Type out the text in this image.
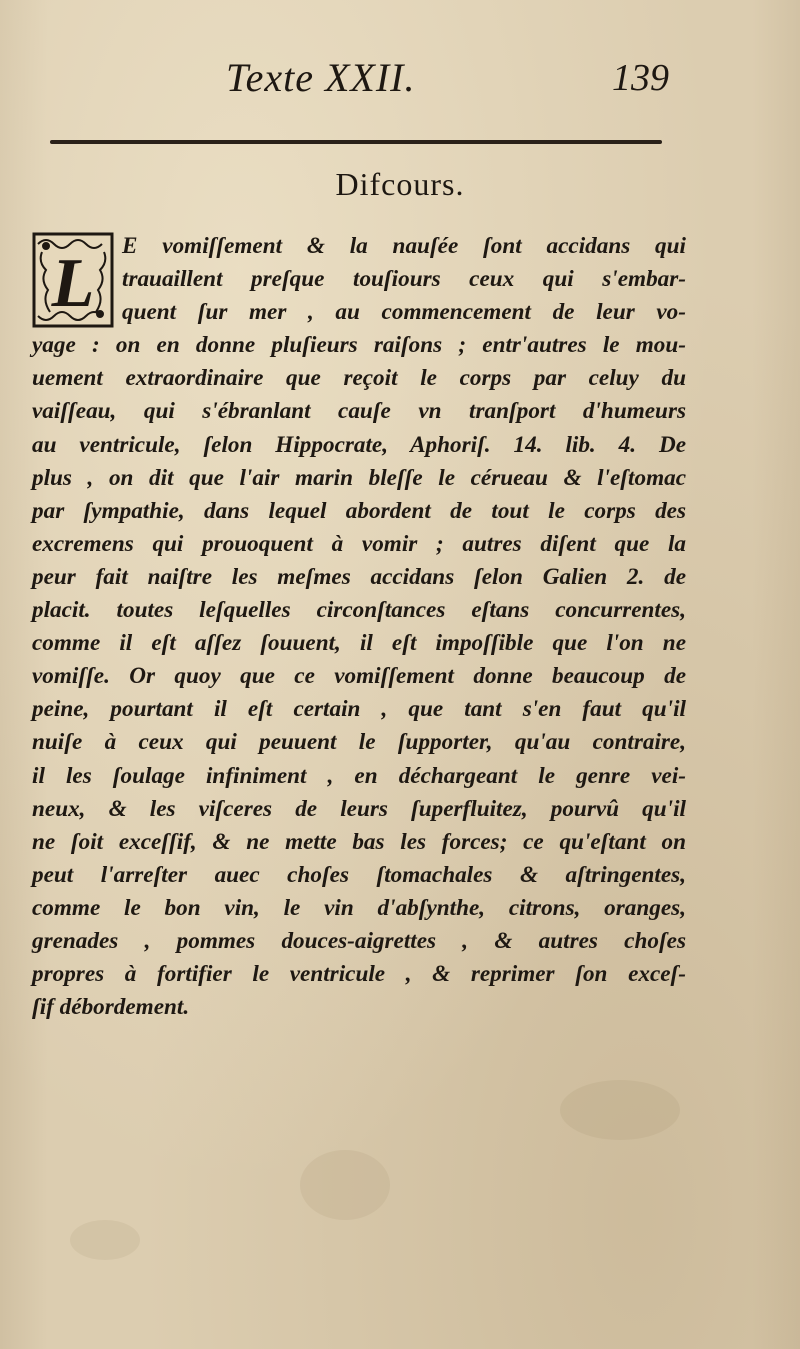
Texte XXII.	139
Difcours.
L	E vomiſſement & la nauſée ſont accidans qui
trauaillent preſque touſiours ceux qui s'embar-
quent ſur mer , au commencement de leur vo-
yage : on en donne pluſieurs raiſons ; entr'autres le mou-
uement extraordinaire que reçoit le corps par celuy du
vaiſſeau, qui s'ébranlant cauſe vn tranſport d'humeurs
au ventricule, ſelon Hippocrate, Aphoriſ. 14. lib. 4. De
plus , on dit que l'air marin bleſſe le cérueau & l'eſtomac
par ſympathie, dans lequel abordent de tout le corps des
excremens qui prouoquent à vomir ; autres diſent que la
peur fait naiſtre les meſmes accidans ſelon Galien 2. de
placit. toutes leſquelles circonſtances eſtans concurrentes,
comme il eſt aſſez ſouuent, il eſt impoſſible que l'on ne
vomiſſe. Or quoy que ce vomiſſement donne beaucoup de
peine, pourtant il eſt certain , que tant s'en faut qu'il
nuiſe à ceux qui peuuent le ſupporter, qu'au contraire,
il les ſoulage infiniment , en déchargeant le genre vei-
neux, & les viſceres de leurs ſuperfluitez, pourvû qu'il
ne ſoit exceſſif, & ne mette bas les forces; ce qu'eſtant on
peut l'arreſter auec choſes ſtomachales & aſtringentes,
comme le bon vin, le vin d'abſynthe, citrons, oranges,
grenades , pommes douces-aigrettes , & autres choſes
propres à fortifier le ventricule , & reprimer ſon exceſ-
ſif débordement.
